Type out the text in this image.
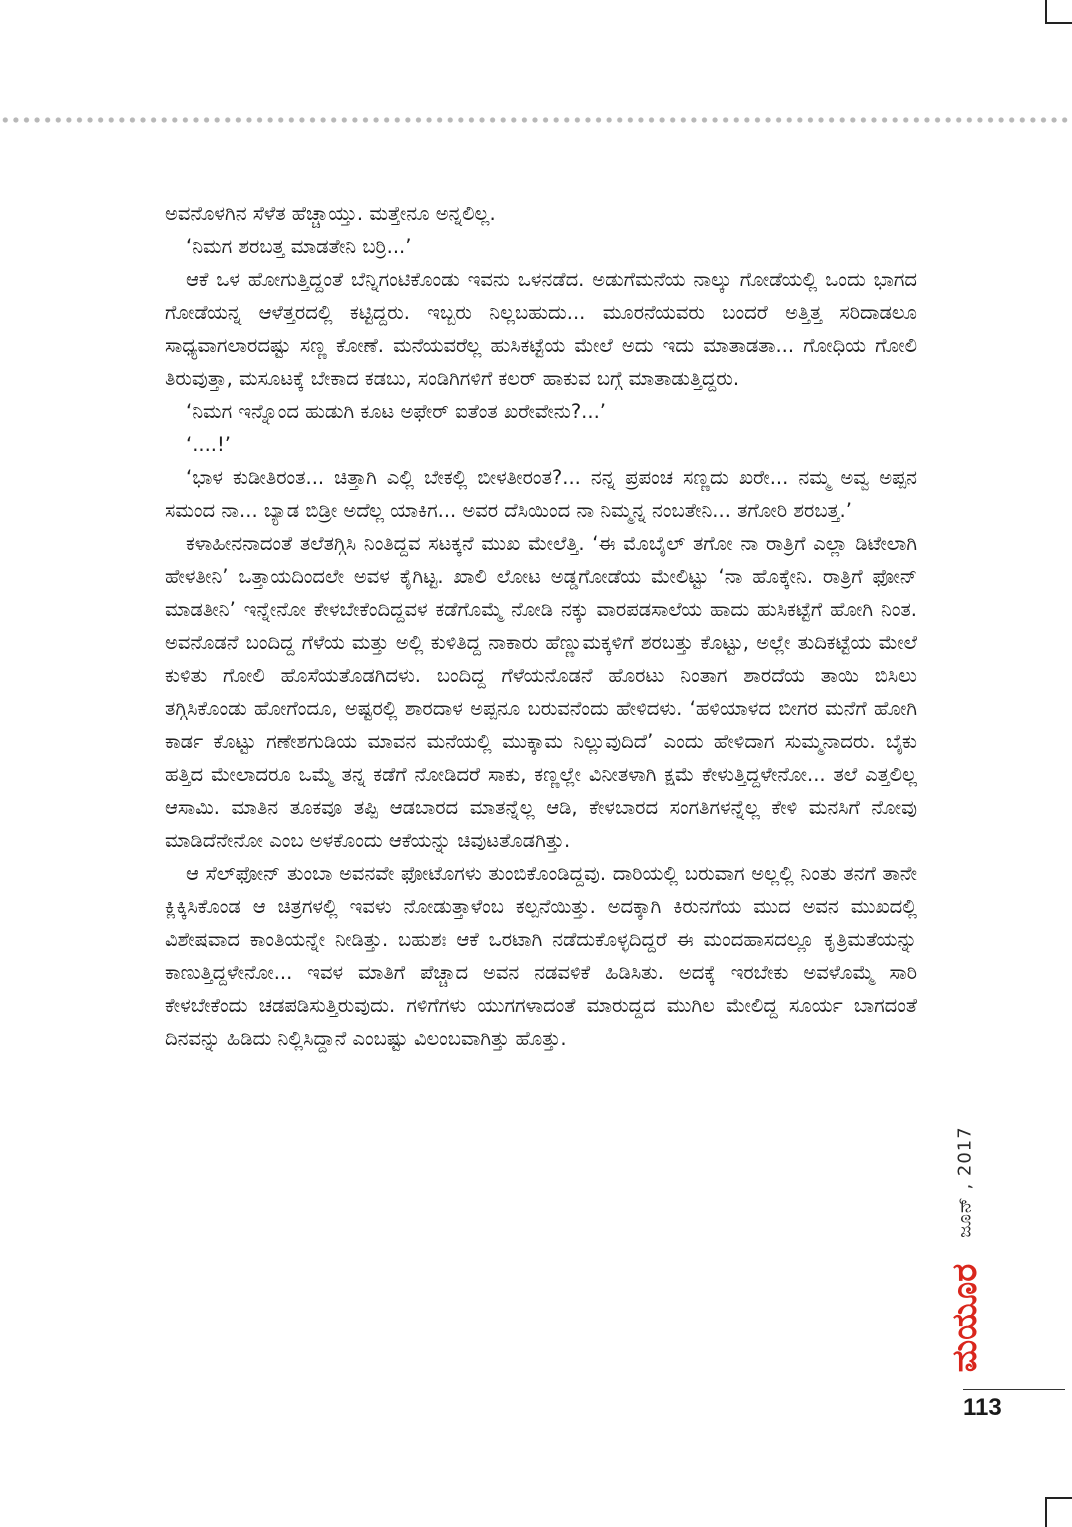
ಅವನೊಳಗಿನ ಸೆಳೆತ ಹೆಚ್ಚಾಯ್ತು. ಮತ್ತೇನೂ ಅನ್ನಲಿಲ್ಲ.

‘ನಿಮಗ ಶರಬತ್ತ ಮಾಡತೇನಿ ಬರ್ರಿ...’

ಆಕೆ ಒಳ ಹೋಗುತ್ತಿದ್ದಂತೆ ಬೆನ್ನಿಗಂಟಿಕೊಂಡು ಇವನು ಒಳನಡೆದ. ಅಡುಗೆಮನೆಯ ನಾಲ್ಕು ಗೋಡೆಯಲ್ಲಿ ಒಂದು ಭಾಗದ ಗೋಡೆಯನ್ನ ಆಳೆತ್ತರದಲ್ಲಿ ಕಟ್ಟಿದ್ದರು. ಇಬ್ಬರು ನಿಲ್ಲಬಹುದು... ಮೂರನೆಯವರು ಬಂದರೆ ಅತ್ತಿತ್ತ ಸರಿದಾಡಲೂ ಸಾಧ್ಯವಾಗಲಾರದಷ್ಟು ಸಣ್ಣ ಕೋಣೆ. ಮನೆಯವರೆಲ್ಲ ಹುಸಿಕಟ್ಟೆಯ ಮೇಲೆ ಅದು ಇದು ಮಾತಾಡತಾ... ಗೋಧಿಯ ಗೋಲಿ ತಿರುವುತ್ತಾ, ಮಸೂಟಕ್ಕೆ ಬೇಕಾದ ಕಡಬು, ಸಂಡಿಗಿಗಳಿಗೆ ಕಲರ್ ಹಾಕುವ ಬಗ್ಗೆ ಮಾತಾಡುತ್ತಿದ್ದರು.

‘ನಿಮಗ ಇನ್ನೊಂದ ಹುಡುಗಿ ಕೂಟ ಅಫೇರ್ ಐತೆಂತ ಖರೇವೇನು?...’

‘....!’

‘ಭಾಳ ಕುಡೀತಿರಂತ... ಚಿತ್ತಾಗಿ ಎಲ್ಲಿ ಬೇಕಲ್ಲಿ ಬೀಳತೀರಂತ?... ನನ್ನ ಪ್ರಪಂಚ ಸಣ್ಣದು ಖರೇ... ನಮ್ಮ ಅವ್ವ ಅಪ್ಪನ ಸಮಂದ ನಾ... ಬ್ಯಾಡ ಬಿಡ್ರೀ ಅದೆಲ್ಲ ಯಾಕಿಗ... ಅವರ ದೆಸಿಯಿಂದ ನಾ ನಿಮ್ಮನ್ನ ನಂಬತೇನಿ... ತಗೋರಿ ಶರಬತ್ತ.’

ಕಳಾಹೀನನಾದಂತೆ ತಲೆತಗ್ಗಿಸಿ ನಿಂತಿದ್ದವ ಸಟಕ್ಕನೆ ಮುಖ ಮೇಲೆತ್ತಿ. ‘ಈ ಮೊಬೈಲ್ ತಗೋ ನಾ ರಾತ್ರಿಗೆ ಎಲ್ಲಾ ಡಿಟೇಲಾಗಿ ಹೇಳತೀನಿ’ ಒತ್ತಾಯದಿಂದಲೇ ಅವಳ ಕೈಗಿಟ್ಟ. ಖಾಲಿ ಲೋಟ ಅಡ್ಡಗೋಡೆಯ ಮೇಲಿಟ್ಟು ‘ನಾ ಹೊಕ್ಕೇನಿ. ರಾತ್ರಿಗೆ ಫೋನ್ ಮಾಡತೀನಿ’ ಇನ್ನೇನೋ ಕೇಳಬೇಕೆಂದಿದ್ದವಳ ಕಡೆಗೊಮ್ಮೆ ನೋಡಿ ನಕ್ಕು ವಾರಪಡಸಾಲೆಯ ಹಾದು ಹುಸಿಕಟ್ಟೆಗೆ ಹೋಗಿ ನಿಂತ. ಅವನೊಡನೆ ಬಂದಿದ್ದ ಗೆಳೆಯ ಮತ್ತು ಅಲ್ಲಿ ಕುಳಿತಿದ್ದ ನಾಕಾರು ಹೆಣ್ಣುಮಕ್ಕಳಿಗೆ ಶರಬತ್ತು ಕೊಟ್ಟು, ಅಲ್ಲೇ ತುದಿಕಟ್ಟೆಯ ಮೇಲೆ ಕುಳಿತು ಗೋಲಿ ಹೊಸೆಯತೊಡಗಿದಳು. ಬಂದಿದ್ದ ಗೆಳೆಯನೊಡನೆ ಹೊರಟು ನಿಂತಾಗ ಶಾರದೆಯ ತಾಯಿ ಬಿಸಿಲು ತಗ್ಗಿಸಿಕೊಂಡು ಹೋಗೆಂದೂ, ಅಷ್ಟರಲ್ಲಿ ಶಾರದಾಳ ಅಪ್ಪನೂ ಬರುವನೆಂದು ಹೇಳಿದಳು. ‘ಹಳಿಯಾಳದ ಬೀಗರ ಮನೆಗೆ ಹೋಗಿ ಕಾರ್ಡ ಕೊಟ್ಟು ಗಣೇಶಗುಡಿಯ ಮಾವನ ಮನೆಯಲ್ಲಿ ಮುಕ್ಕಾಮ ನಿಲ್ಲುವುದಿದೆ’ ಎಂದು ಹೇಳಿದಾಗ ಸುಮ್ಮನಾದರು. ಬೈಕು ಹತ್ತಿದ ಮೇಲಾದರೂ ಒಮ್ಮೆ ತನ್ನ ಕಡೆಗೆ ನೋಡಿದರೆ ಸಾಕು, ಕಣ್ಣಲ್ಲೇ ವಿನೀತಳಾಗಿ ಕ್ಷಮೆ ಕೇಳುತ್ತಿದ್ದಳೇನೋ... ತಲೆ ಎತ್ತಲಿಲ್ಲ ಆಸಾಮಿ. ಮಾತಿನ ತೂಕವೂ ತಪ್ಪಿ ಆಡಬಾರದ ಮಾತನ್ನೆಲ್ಲ ಆಡಿ, ಕೇಳಬಾರದ ಸಂಗತಿಗಳನ್ನೆಲ್ಲ ಕೇಳಿ ಮನಸಿಗೆ ನೋವು ಮಾಡಿದೆನೇನೋ ಎಂಬ ಅಳಕೊಂದು ಆಕೆಯನ್ನು ಚಿವುಟತೊಡಗಿತ್ತು.

ಆ ಸೆಲ್‌ಫೋನ್ ತುಂಬಾ ಅವನವೇ ಫೋಟೊಗಳು ತುಂಬಿಕೊಂಡಿದ್ದವು. ದಾರಿಯಲ್ಲಿ ಬರುವಾಗ ಅಲ್ಲಲ್ಲಿ ನಿಂತು ತನಗೆ ತಾನೇ ಕ್ಲಿಕ್ಕಿಸಿಕೊಂಡ ಆ ಚಿತ್ರಗಳಲ್ಲಿ ಇವಳು ನೋಡುತ್ತಾಳೆಂಬ ಕಲ್ಪನೆಯಿತ್ತು. ಅದಕ್ಕಾಗಿ ಕಿರುನಗೆಯ ಮುದ ಅವನ ಮುಖದಲ್ಲಿ ವಿಶೇಷವಾದ ಕಾಂತಿಯನ್ನೇ ನೀಡಿತ್ತು. ಬಹುಶಃ ಆಕೆ ಒರಟಾಗಿ ನಡೆದುಕೊಳ್ಳದಿದ್ದರೆ ಈ ಮಂದಹಾಸದಲ್ಲೂ ಕೃತ್ರಿಮತೆಯನ್ನು ಕಾಣುತ್ತಿದ್ದಳೇನೋ... ಇವಳ ಮಾತಿಗೆ ಪೆಚ್ಚಾದ ಅವನ ನಡವಳಿಕೆ ಹಿಡಿಸಿತು. ಅದಕ್ಕೆ ಇರಬೇಕು ಅವಳೊಮ್ಮೆ ಸಾರಿ ಕೇಳಬೇಕೆಂದು ಚಡಪಡಿಸುತ್ತಿರುವುದು. ಗಳಿಗೆಗಳು ಯುಗಗಳಾದಂತೆ ಮಾರುದ್ದದ ಮುಗಿಲ ಮೇಲಿದ್ದ ಸೂರ್ಯ ಬಾಗದಂತೆ ದಿನವನ್ನು ಹಿಡಿದು ನಿಲ್ಲಿಸಿದ್ದಾನೆ ಎಂಬಷ್ಟು ವಿಲಂಬವಾಗಿತ್ತು ಹೊತ್ತು.

ಜೂನ್ , 2017
ಮಯೂರ
113
